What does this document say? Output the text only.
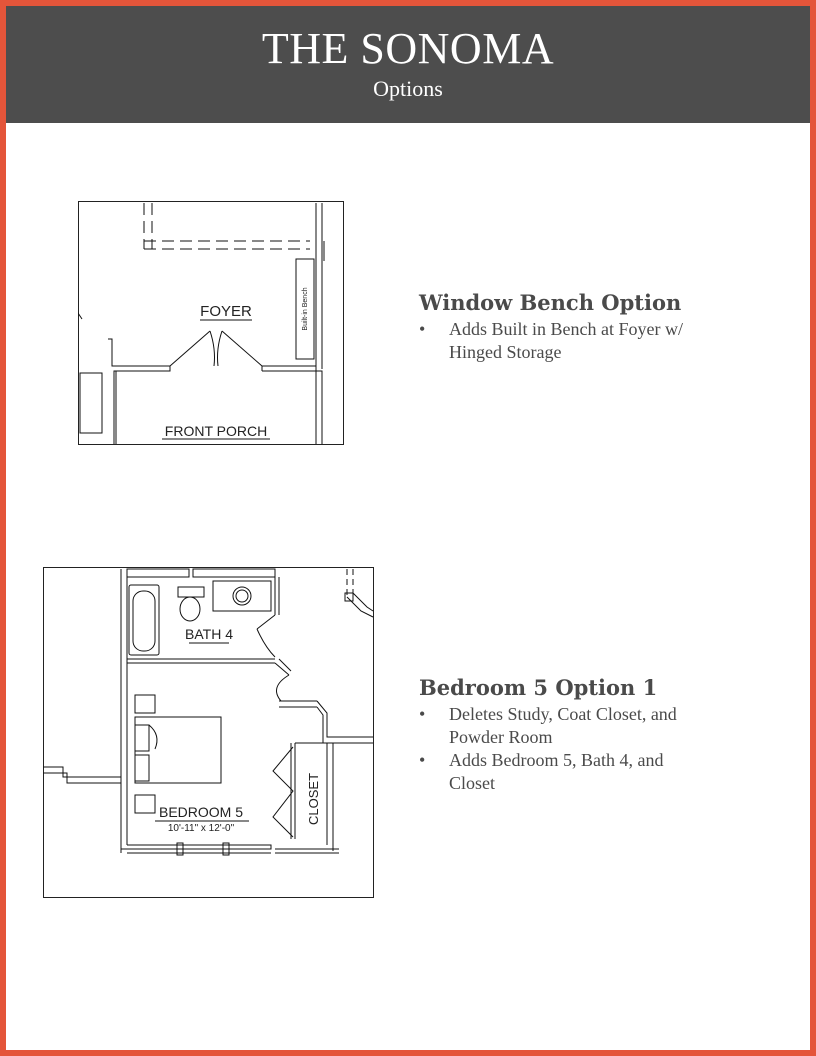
THE SONOMA
Options
FOYER	Built-in Bench
FRONT PORCH
Window Bench Option
• Adds Built in Bench at Foyer w/
Hinged Storage
BATH 4
BEDROOM 5
10'-11" x 12'-0"
CLOSET
Bedroom 5 Option 1
• Deletes Study, Coat Closet, and
Powder Room
• Adds Bedroom 5, Bath 4, and
Closet
